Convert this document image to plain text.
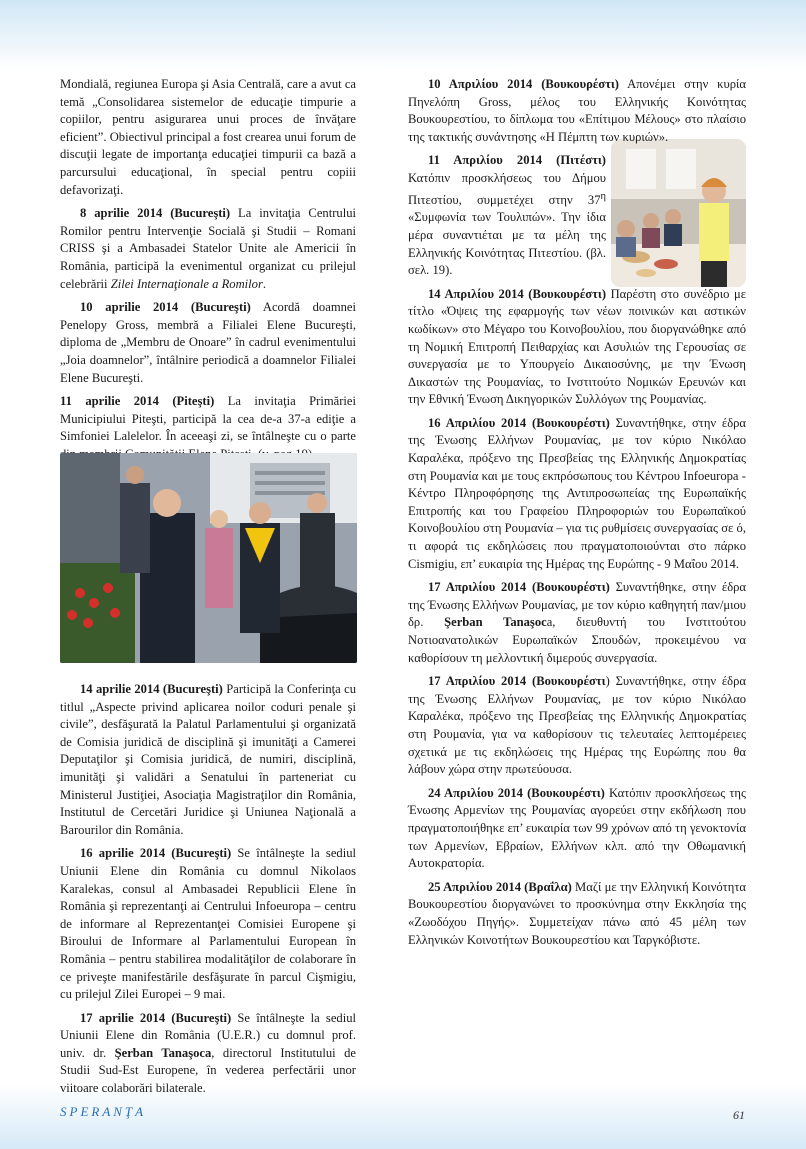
Mondială, regiunea Europa şi Asia Centrală, care a avut ca temă „Consolidarea sistemelor de educaţie timpurie a copiilor, pentru asigurarea unui proces de învăţare eficient”. Obiectivul principal a fost crearea unui forum de discuţii legate de importanţa educaţiei timpurii ca bază a parcursului educaţional, în special pentru copiii defavorizaţi.

8 aprilie 2014 (Bucureşti) La invitaţia Centrului Romilor pentru Intervenţie Socială şi Studii – Romani CRISS şi a Ambasadei Statelor Unite ale Americii în România, participă la evenimentul organizat cu prilejul celebrării Zilei Internaţionale a Romilor.

10 aprilie 2014 (Bucureşti) Acordă doamnei Penelopy Gross, membră a Filialei Elene Bucureşti, diploma de „Membru de Onoare” în cadrul evenimentului „Joia doamnelor”, întâlnire periodică a doamnelor Filialei Elene Bucureşti.

11 aprilie 2014 (Piteşti) La invitaţia Primăriei Municipiului Piteşti, participă la cea de-a 37-a ediţie a Simfoniei Lalelelor. În aceeaşi zi, se întâlneşte cu o parte

14 aprilie 2014 (Bucureşti) Participă la Conferinţa cu titlul „Aspecte privind aplicarea noilor coduri penale şi civile”, desfăşurată la Palatul Parlamentului şi organizată de Comisia juridică de disciplină şi imunităţi a Camerei Deputaţilor şi Comisia juridică, de numiri, disciplină, imunităţi şi validări a Senatului în parteneriat cu Ministerul Justiţiei, Asociaţia Magistraţilor din România, Institutul de Cercetări Juridice şi Uniunea Naţională a Barourilor din România.

16 aprilie 2014 (Bucureşti) Se întâlneşte la sediul Uniunii Elene din România cu domnul Nikolaos Karalekas, consul al Ambasadei Republicii Elene în România şi reprezentanţi ai Centrului Infoeuropa – centru de informare al Reprezentanţei Comisiei Europene şi Biroului de Informare al Parlamentului European în România – pentru stabilirea modalităţilor de colaborare în ce priveşte manifestările desfăşurate în parcul Cişmigiu, cu prilejul Zilei Europei – 9 mai.

17 aprilie 2014 (Bucureşti) Se întâlneşte la sediul Uniunii Elene din România (U.E.R.) cu domnul prof. univ. dr. Şerban Tanaşoca, directorul Institutului de Studii Sud-Est Europene, în vederea perfectării unor viitoare colaborări bilaterale.

10 Απριλίου 2014 (Βουκουρέστι) Απονέμει στην κυρία Πηνελόπη Gross, μέλος του Ελληνικής Κοινότητας Βουκουρεστίου, το δίπλωμα του «Επίτιμου Μέλους» στο πλαίσιο της τακτικής συνάντησης «Η Πέμπτη των κυριών».

11 Απριλίου 2014 (Πιτέστι) Κατόπιν προσκλήσεως του Δήμου Πιτεστίου, συμμετέχει στην $37^\eta$ «Συμφωνία των Τουλιπών». Την ίδια μέρα συναντιέται με τα μέλη της Ελληνικής Κοινότητας Πιτεστίου. (βλ. σελ. 19).

14 Απριλίου 2014 (Βουκουρέστι) Παρέστη στο συνέδριο με τίτλο «Όψεις της εφαρμογής των νέων ποινικών και αστικών κωδίκων» στο Μέγαρο του Κοινοβουλίου, που διοργανώθηκε από τη Νομική Επιτροπή Πειθαρχίας και Ασυλιών της Γερουσίας σε συνεργασία με το Υπουργείο Δικαιοσύνης, με την Ένωση Δικαστών της Ρουμανίας, το Ινστιτούτο Νομικών Ερευνών και την Εθνική Ένωση Δικηγορικών Συλλόγων της Ρουμανίας.

16 Απριλίου 2014 (Βουκουρέστι) Συναντήθηκε, στην έδρα της Ένωσης Ελλήνων Ρουμανίας, με τον κύριο Νικόλαο Καραλέκα, πρόξενο της Πρεσβείας της Ελληνικής Δημοκρατίας στη Ρουμανία και με τους εκπρόσωπους του Κέντρου Infoeuropa - Κέντρο Πληροφόρησης της Αντιπροσωπείας της Ευρωπαϊκής Επιτροπής και του Γραφείου Πληροφοριών του Ευρωπαϊκού Κοινοβουλίου στη Ρουμανία – για τις ρυθμίσεις συνεργασίας σε ό, τι αφορά τις εκδηλώσεις που πραγματοποιούνται στο πάρκο Cismigiu, επ’ ευκαιρία της Ημέρας της Ευρώπης - 9 Μαΐου 2014.

17 Απριλίου 2014 (Βουκουρέστι) Συναντήθηκε, στην έδρα της Ένωσης Ελλήνων Ρουμανίας, με τον κύριο καθηγητή παν/μιου δρ. Şerban Tanaşoca, διευθυντή του Ινστιτούτου Νοτιοανατολικών Ευρωπαϊκών Σπουδών, προκειμένου να καθορίσουν τη μελλοντική διμερούς συνεργασία.

17 Απριλίου 2014 (Βουκουρέστι) Συναντήθηκε, στην έδρα της Ένωσης Ελλήνων Ρουμανίας, με τον κύριο Νικόλαο Καραλέκα, πρόξενο της Πρεσβείας της Ελληνικής Δημοκρατίας στη Ρουμανία, για να καθορίσουν τις τελευταίες λεπτομέρειες σχετικά με τις εκδηλώσεις της Ημέρας της Ευρώπης που θα λάβουν χώρα στην πρωτεύουσα.

24 Απριλίου 2014 (Βουκουρέστι) Κατόπιν προσκλήσεως της Ένωσης Αρμενίων της Ρουμανίας αγορεύει στην εκδήλωση που πραγματοποιήθηκε επ’ ευκαιρία των 99 χρόνων από τη γενοκτονία των Αρμενίων, Εβραίων, Ελλήνων κλπ. από την Οθωμανική Αυτοκρατορία.

25 Απριλίου 2014 (Βραΐλα) Μαζί με την Ελληνική Κοινότητα Βουκουρεστίου διοργανώνει το προσκύνημα στην Εκκλησία της «Ζωοδόχου Πηγής». Συμμετείχαν πάνω από 45 μέλη των Ελληνικών Κοινοτήτων Βουκουρεστίου και Ταργκόβιστε.

SPERANŢA	61
